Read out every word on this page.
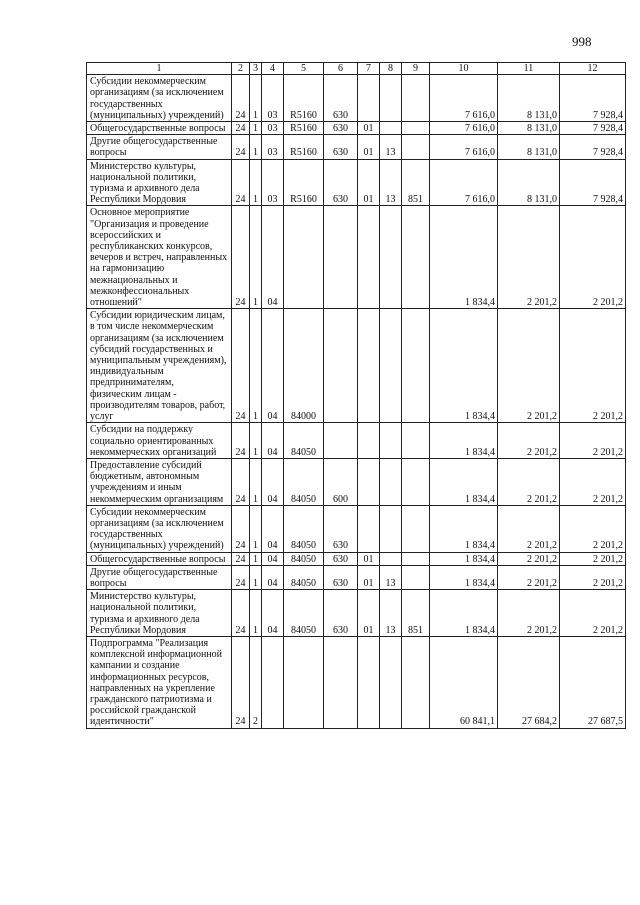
998
1	2	3	4	5	6	7	8	9	10	11	12
Субсидии некоммерческим организациям (за исключением государственных (муниципальных) учреждений)	24	1	03	R5160	630				7 616,0	8 131,0	7 928,4
Общегосударственные вопросы	24	1	03	R5160	630	01			7 616,0	8 131,0	7 928,4
Другие общегосударственные вопросы	24	1	03	R5160	630	01	13		7 616,0	8 131,0	7 928,4
Министерство культуры, национальной политики, туризма и архивного дела Республики Мордовия	24	1	03	R5160	630	01	13	851	7 616,0	8 131,0	7 928,4
Основное мероприятие "Организация и проведение всероссийских и республиканских конкурсов, вечеров и встреч, направленных на гармонизацию межнациональных и межконфессиональных отношений"	24	1	04						1 834,4	2 201,2	2 201,2
Субсидии юридическим лицам, в том числе некоммерческим организациям (за исключением субсидий государственных и муниципальным учреждениям), индивидуальным предпринимателям, физическим лицам - производителям товаров, работ, услуг	24	1	04	84000					1 834,4	2 201,2	2 201,2
Субсидии на поддержку социально ориентированных некоммерческих организаций	24	1	04	84050					1 834,4	2 201,2	2 201,2
Предоставление субсидий бюджетным, автономным учреждениям и иным некоммерческим организациям	24	1	04	84050	600				1 834,4	2 201,2	2 201,2
Субсидии некоммерческим организациям (за исключением государственных (муниципальных) учреждений)	24	1	04	84050	630				1 834,4	2 201,2	2 201,2
Общегосударственные вопросы	24	1	04	84050	630	01			1 834,4	2 201,2	2 201,2
Другие общегосударственные вопросы	24	1	04	84050	630	01	13		1 834,4	2 201,2	2 201,2
Министерство культуры, национальной политики, туризма и архивного дела Республики Мордовия	24	1	04	84050	630	01	13	851	1 834,4	2 201,2	2 201,2
Подпрограмма "Реализация комплексной информационной кампании и создание информационных ресурсов, направленных на укрепление гражданского патриотизма и российской гражданской идентичности"	24	2							60 841,1	27 684,2	27 687,5
